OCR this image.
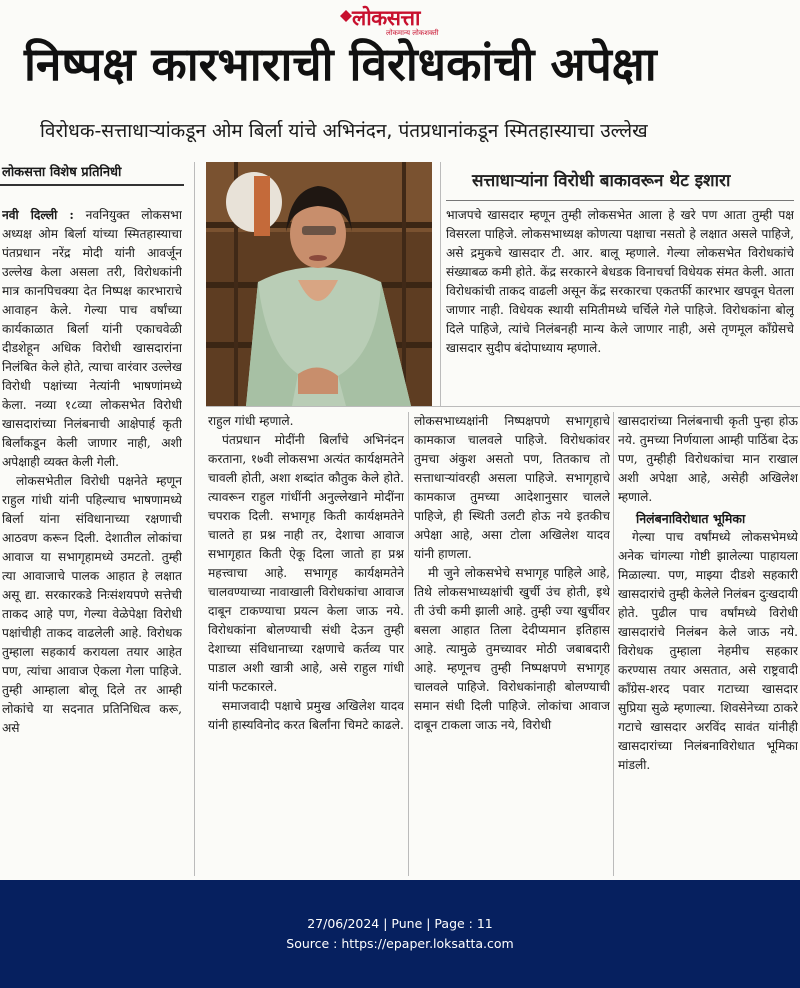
लोकसत्ता
लोकमान्य लोकशक्ती
निष्पक्ष कारभाराची विरोधकांची अपेक्षा
विरोधक-सत्ताधाऱ्यांकडून ओम बिर्ला यांचे अभिनंदन, पंतप्रधानांकडून स्मितहास्याचा उल्लेख
लोकसत्ता विशेष प्रतिनिधी	सत्ताधाऱ्यांना विरोधी बाकावरून थेट इशारा

भाजपचे खासदार म्हणून तुम्ही लोकसभेत आला हे खरे पण आता तुम्ही पक्ष विसरला पाहिजे. लोकसभाध्यक्ष कोणत्या पक्षाचा नसतो हे लक्षात असले पाहिजे, असे द्रमुकचे खासदार टी. आर. बालू म्हणाले. गेल्या लोकसभेत विरोधकांचे संख्याबळ कमी होते. केंद्र सरकारने बेधडक विनाचर्चा विधेयक संमत केली. आता विरोधकांची ताकद वाढली असून केंद्र सरकारचा एकतर्फी कारभार खपवून घेतला जाणार नाही. विधेयक स्थायी समितीमध्ये चर्चिले गेले पाहिजे. विरोधकांना बोलू दिले पाहिजे, त्यांचे निलंबनही मान्य केले जाणार नाही, असे तृणमूल काँग्रेसचे खासदार सुदीप बंदोपाध्याय म्हणाले.

नवी दिल्ली : नवनियुक्त लोकसभा अध्यक्ष ओम बिर्ला यांच्या स्मितहास्याचा पंतप्रधान नरेंद्र मोदी यांनी आवर्जून उल्लेख केला असला तरी, विरोधकांनी मात्र कानपिचक्या देत निष्पक्ष कारभाराचे आवाहन केले. गेल्या पाच वर्षांच्या कार्यकाळात बिर्ला यांनी एकाचवेळी दीडशेहून अधिक विरोधी खासदारांना निलंबित केले होते, त्याचा वारंवार उल्लेख विरोधी पक्षांच्या नेत्यांनी भाषणांमध्ये केला. नव्या १८व्या लोकसभेत विरोधी खासदारांच्या निलंबनाची आक्षेपार्ह कृती बिर्लांकडून केली जाणार नाही, अशी अपेक्षाही व्यक्त केली गेली.

लोकसभेतील विरोधी पक्षनेते म्हणून राहुल गांधी यांनी पहिल्याच भाषणामध्ये बिर्ला यांना संविधानाच्या रक्षणाची आठवण करून दिली. देशातील लोकांचा आवाज या सभागृहामध्ये उमटतो. तुम्ही त्या आवाजाचे पालक आहात हे लक्षात असू द्या. सरकारकडे निःसंशयपणे सत्तेची ताकद आहे पण, गेल्या वेळेपेक्षा विरोधी पक्षांचीही ताकद वाढलेली आहे. विरोधक तुम्हाला सहकार्य करायला तयार आहेत पण, त्यांचा आवाज ऐकला गेला पाहिजे. तुम्ही आम्हाला बोलू दिले तर आम्ही लोकांचे या सदनात प्रतिनिधित्व करू, असे

राहुल गांधी म्हणाले.

पंतप्रधान मोदींनी बिर्लांचे अभिनंदन करताना, १७वी लोकसभा अत्यंत कार्यक्षमतेने चावली होती, अशा शब्दांत कौतुक केले होते. त्यावरून राहुल गांधींनी अनुल्लेखाने मोदींना चपराक दिली. सभागृह किती कार्यक्षमतेने चालते हा प्रश्न नाही तर, देशाचा आवाज सभागृहात किती ऐकू दिला जातो हा प्रश्न महत्त्वाचा आहे. सभागृह कार्यक्षमतेने चालवण्याच्या नावाखाली विरोधकांचा आवाज दाबून टाकण्याचा प्रयत्न केला जाऊ नये. विरोधकांना बोलण्याची संधी देऊन तुम्ही देशाच्या संविधानाच्या रक्षणाचे कर्तव्य पार पाडाल अशी खात्री आहे, असे राहुल गांधी यांनी फटकारले.

समाजवादी पक्षाचे प्रमुख अखिलेश यादव यांनी हास्यविनोद करत बिर्लांना चिमटे काढले.

लोकसभाध्यक्षांनी निष्पक्षपणे सभागृहाचे कामकाज चालवले पाहिजे. विरोधकांवर तुमचा अंकुश असतो पण, तितकाच तो सत्ताधाऱ्यांवरही असला पाहिजे. सभागृहाचे कामकाज तुमच्या आदेशानुसार चालले पाहिजे, ही स्थिती उलटी होऊ नये इतकीच अपेक्षा आहे, असा टोला अखिलेश यादव यांनी हाणला.

मी जुने लोकसभेचे सभागृह पाहिले आहे, तिथे लोकसभाध्यक्षांची खुर्ची उंच होती, इथे ती उंची कमी झाली आहे. तुम्ही ज्या खुर्चीवर बसला आहात तिला देदीप्यमान इतिहास आहे. त्यामुळे तुमच्यावर मोठी जबाबदारी आहे. म्हणूनच तुम्ही निष्पक्षपणे सभागृह चालवले पाहिजे. विरोधकांनाही बोलण्याची समान संधी दिली पाहिजे. लोकांचा आवाज दाबून टाकला जाऊ नये, विरोधी

खासदारांच्या निलंबनाची कृती पुन्हा होऊ नये. तुमच्या निर्णयाला आम्ही पाठिंबा देऊ पण, तुम्हीही विरोधकांचा मान राखाल अशी अपेक्षा आहे, असेही अखिलेश म्हणाले.

निलंबनाविरोधात भूमिका

गेल्या पाच वर्षांमध्ये लोकसभेमध्ये अनेक चांगल्या गोष्टी झालेल्या पाहायला मिळाल्या. पण, माझ्या दीडशे सहकारी खासदारांचे तुम्ही केलेले निलंबन दुःखदायी होते. पुढील पाच वर्षांमध्ये विरोधी खासदारांचे निलंबन केले जाऊ नये. विरोधक तुम्हाला नेहमीच सहकार करण्यास तयार असतात, असे राष्ट्रवादी काँग्रेस-शरद पवार गटाच्या खासदार सुप्रिया सुळे म्हणाल्या. शिवसेनेच्या ठाकरे गटाचे खासदार अरविंद सावंत यांनीही खासदारांच्या निलंबनाविरोधात भूमिका मांडली.

27/06/2024 | Pune | Page : 11
Source : https://epaper.loksatta.com
